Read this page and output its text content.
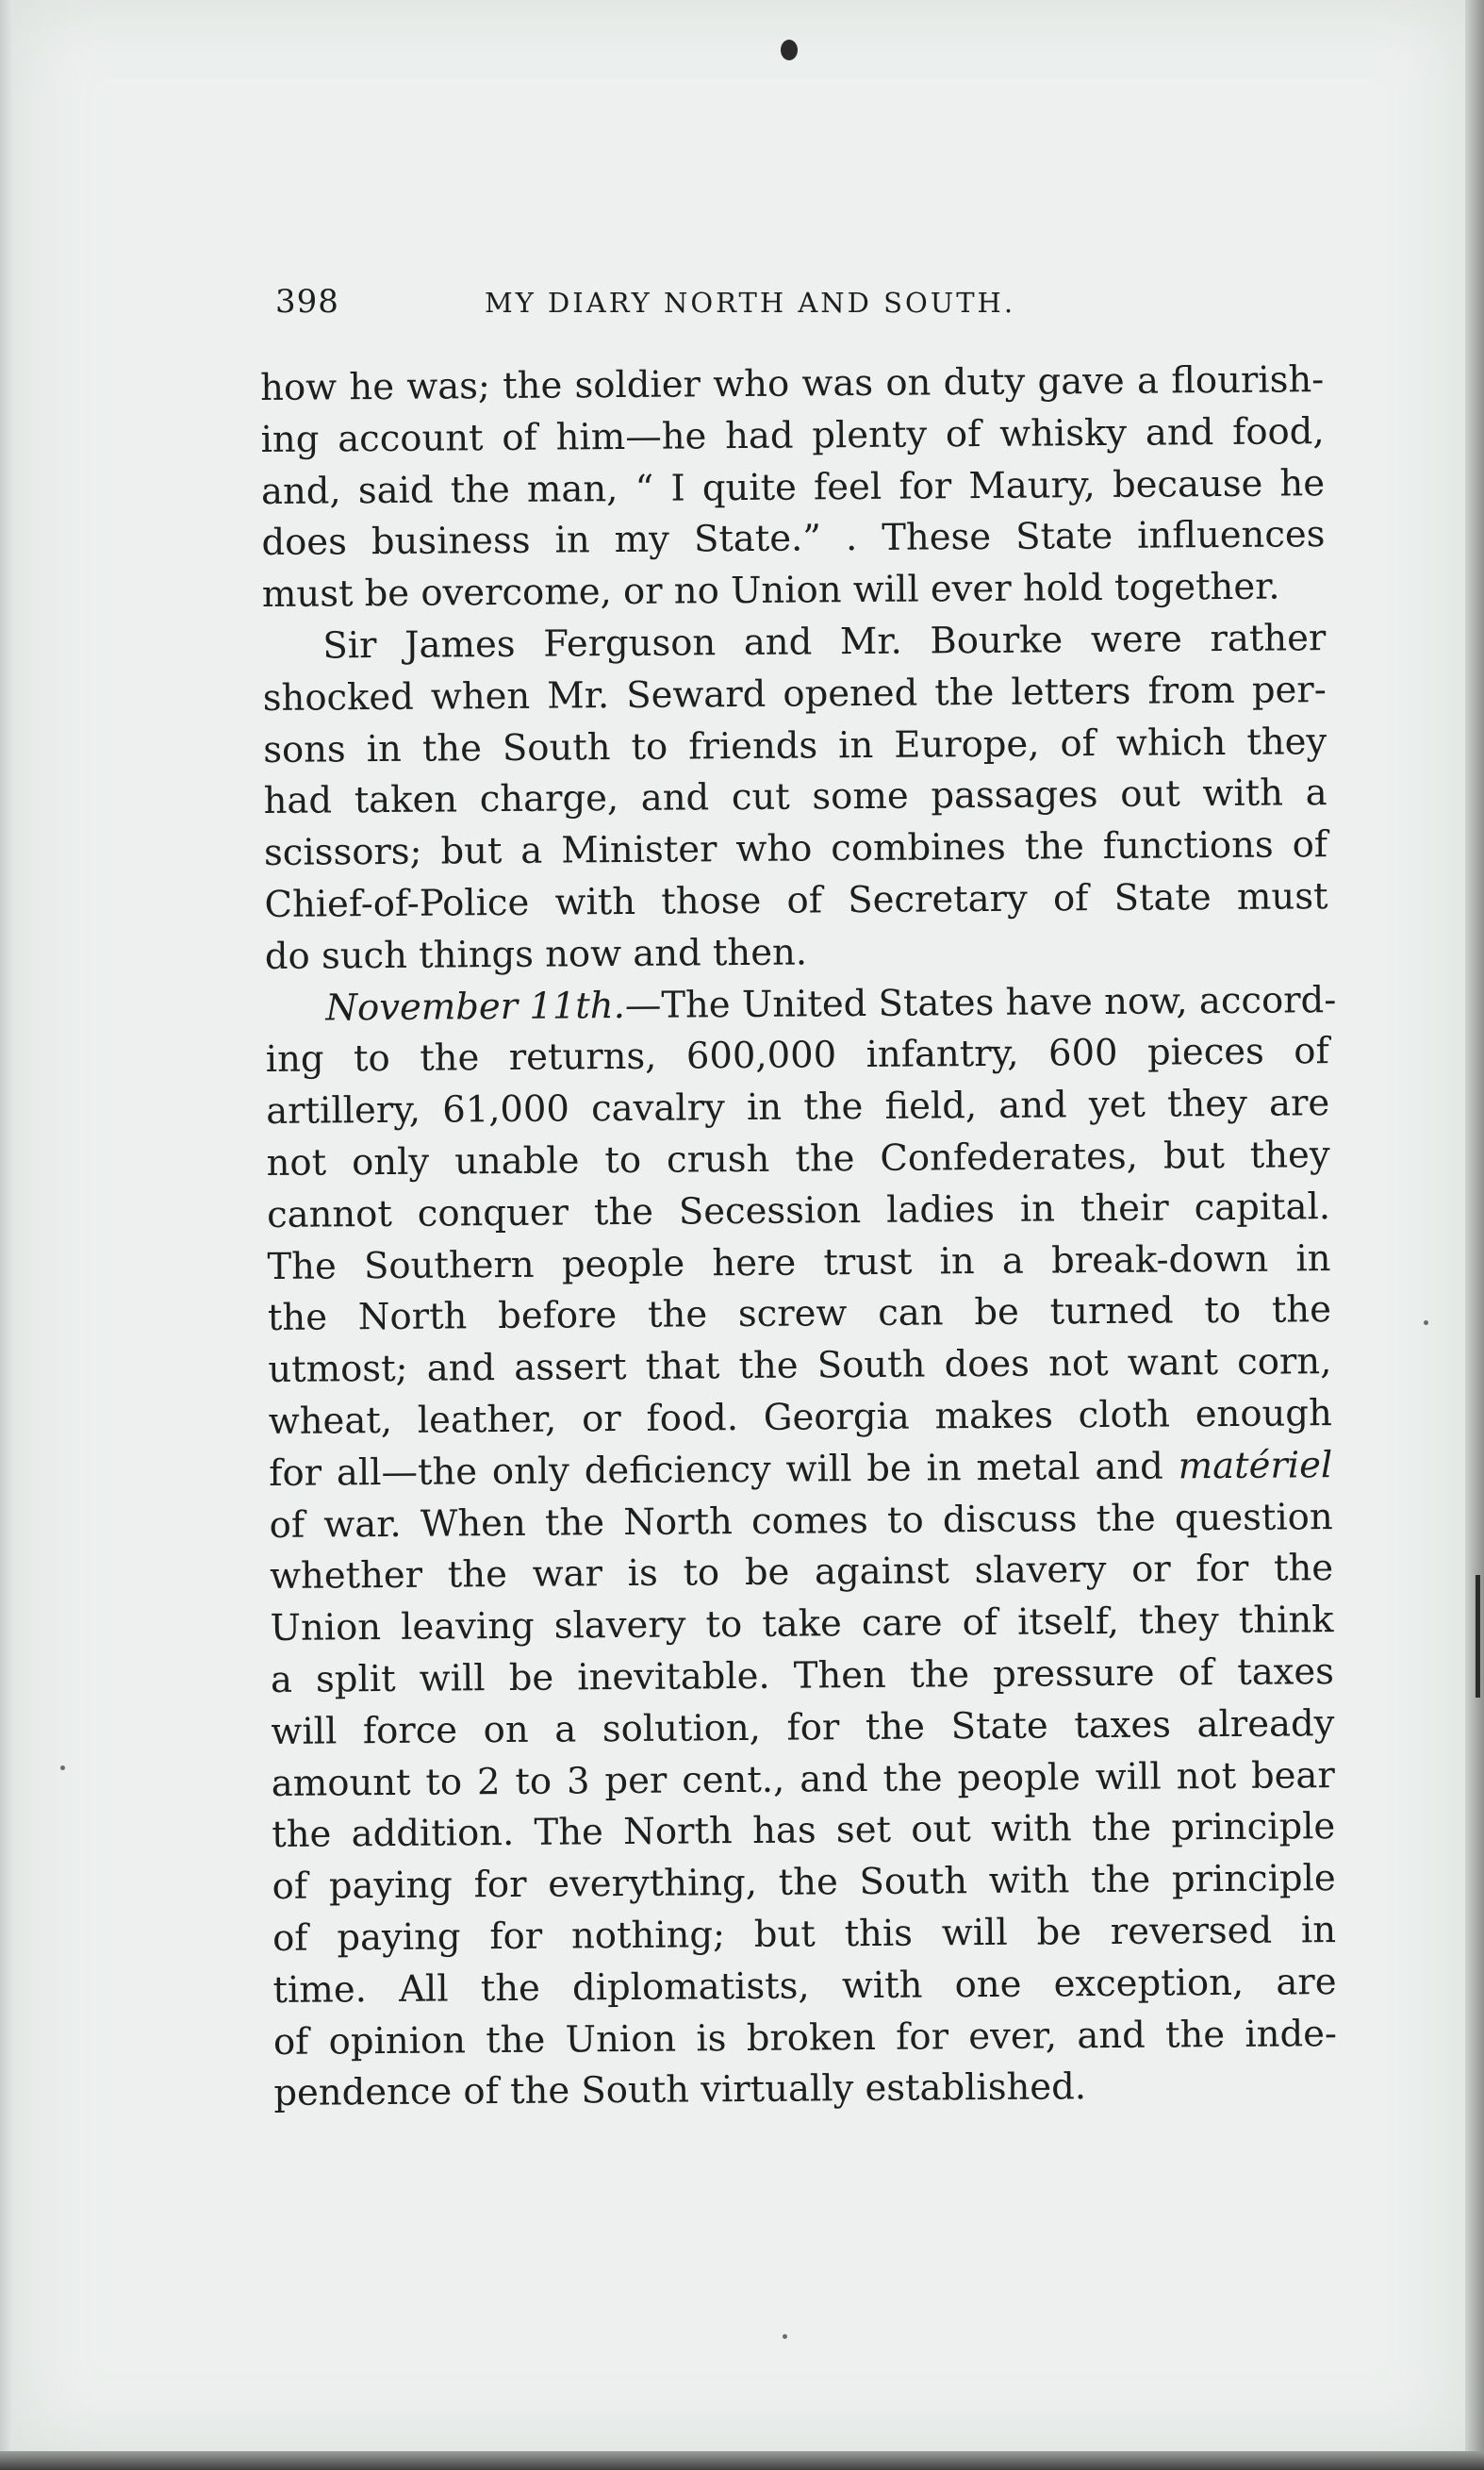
398	MY DIARY NORTH AND SOUTH.
how he was; the soldier who was on duty gave a flourish-
ing account of him—he had plenty of whisky and food,
and, said the man, “ I quite feel for Maury, because he
does business in my State.” . These State influences
must be overcome, or no Union will ever hold together.
Sir James Ferguson and Mr. Bourke were rather
shocked when Mr. Seward opened the letters from per-
sons in the South to friends in Europe, of which they
had taken charge, and cut some passages out with a
scissors; but a Minister who combines the functions of
Chief-of-Police with those of Secretary of State must
do such things now and then.
November 11th.—The United States have now, accord-
ing to the returns, 600,000 infantry, 600 pieces of
artillery, 61,000 cavalry in the field, and yet they are
not only unable to crush the Confederates, but they
cannot conquer the Secession ladies in their capital.
The Southern people here trust in a break-down in
the North before the screw can be turned to the
utmost; and assert that the South does not want corn,
wheat, leather, or food. Georgia makes cloth enough
for all—the only deficiency will be in metal and matériel
of war. When the North comes to discuss the question
whether the war is to be against slavery or for the
Union leaving slavery to take care of itself, they think
a split will be inevitable. Then the pressure of taxes
will force on a solution, for the State taxes already
amount to 2 to 3 per cent., and the people will not bear
the addition. The North has set out with the principle
of paying for everything, the South with the principle
of paying for nothing; but this will be reversed in
time. All the diplomatists, with one exception, are
of opinion the Union is broken for ever, and the inde-
pendence of the South virtually established.
